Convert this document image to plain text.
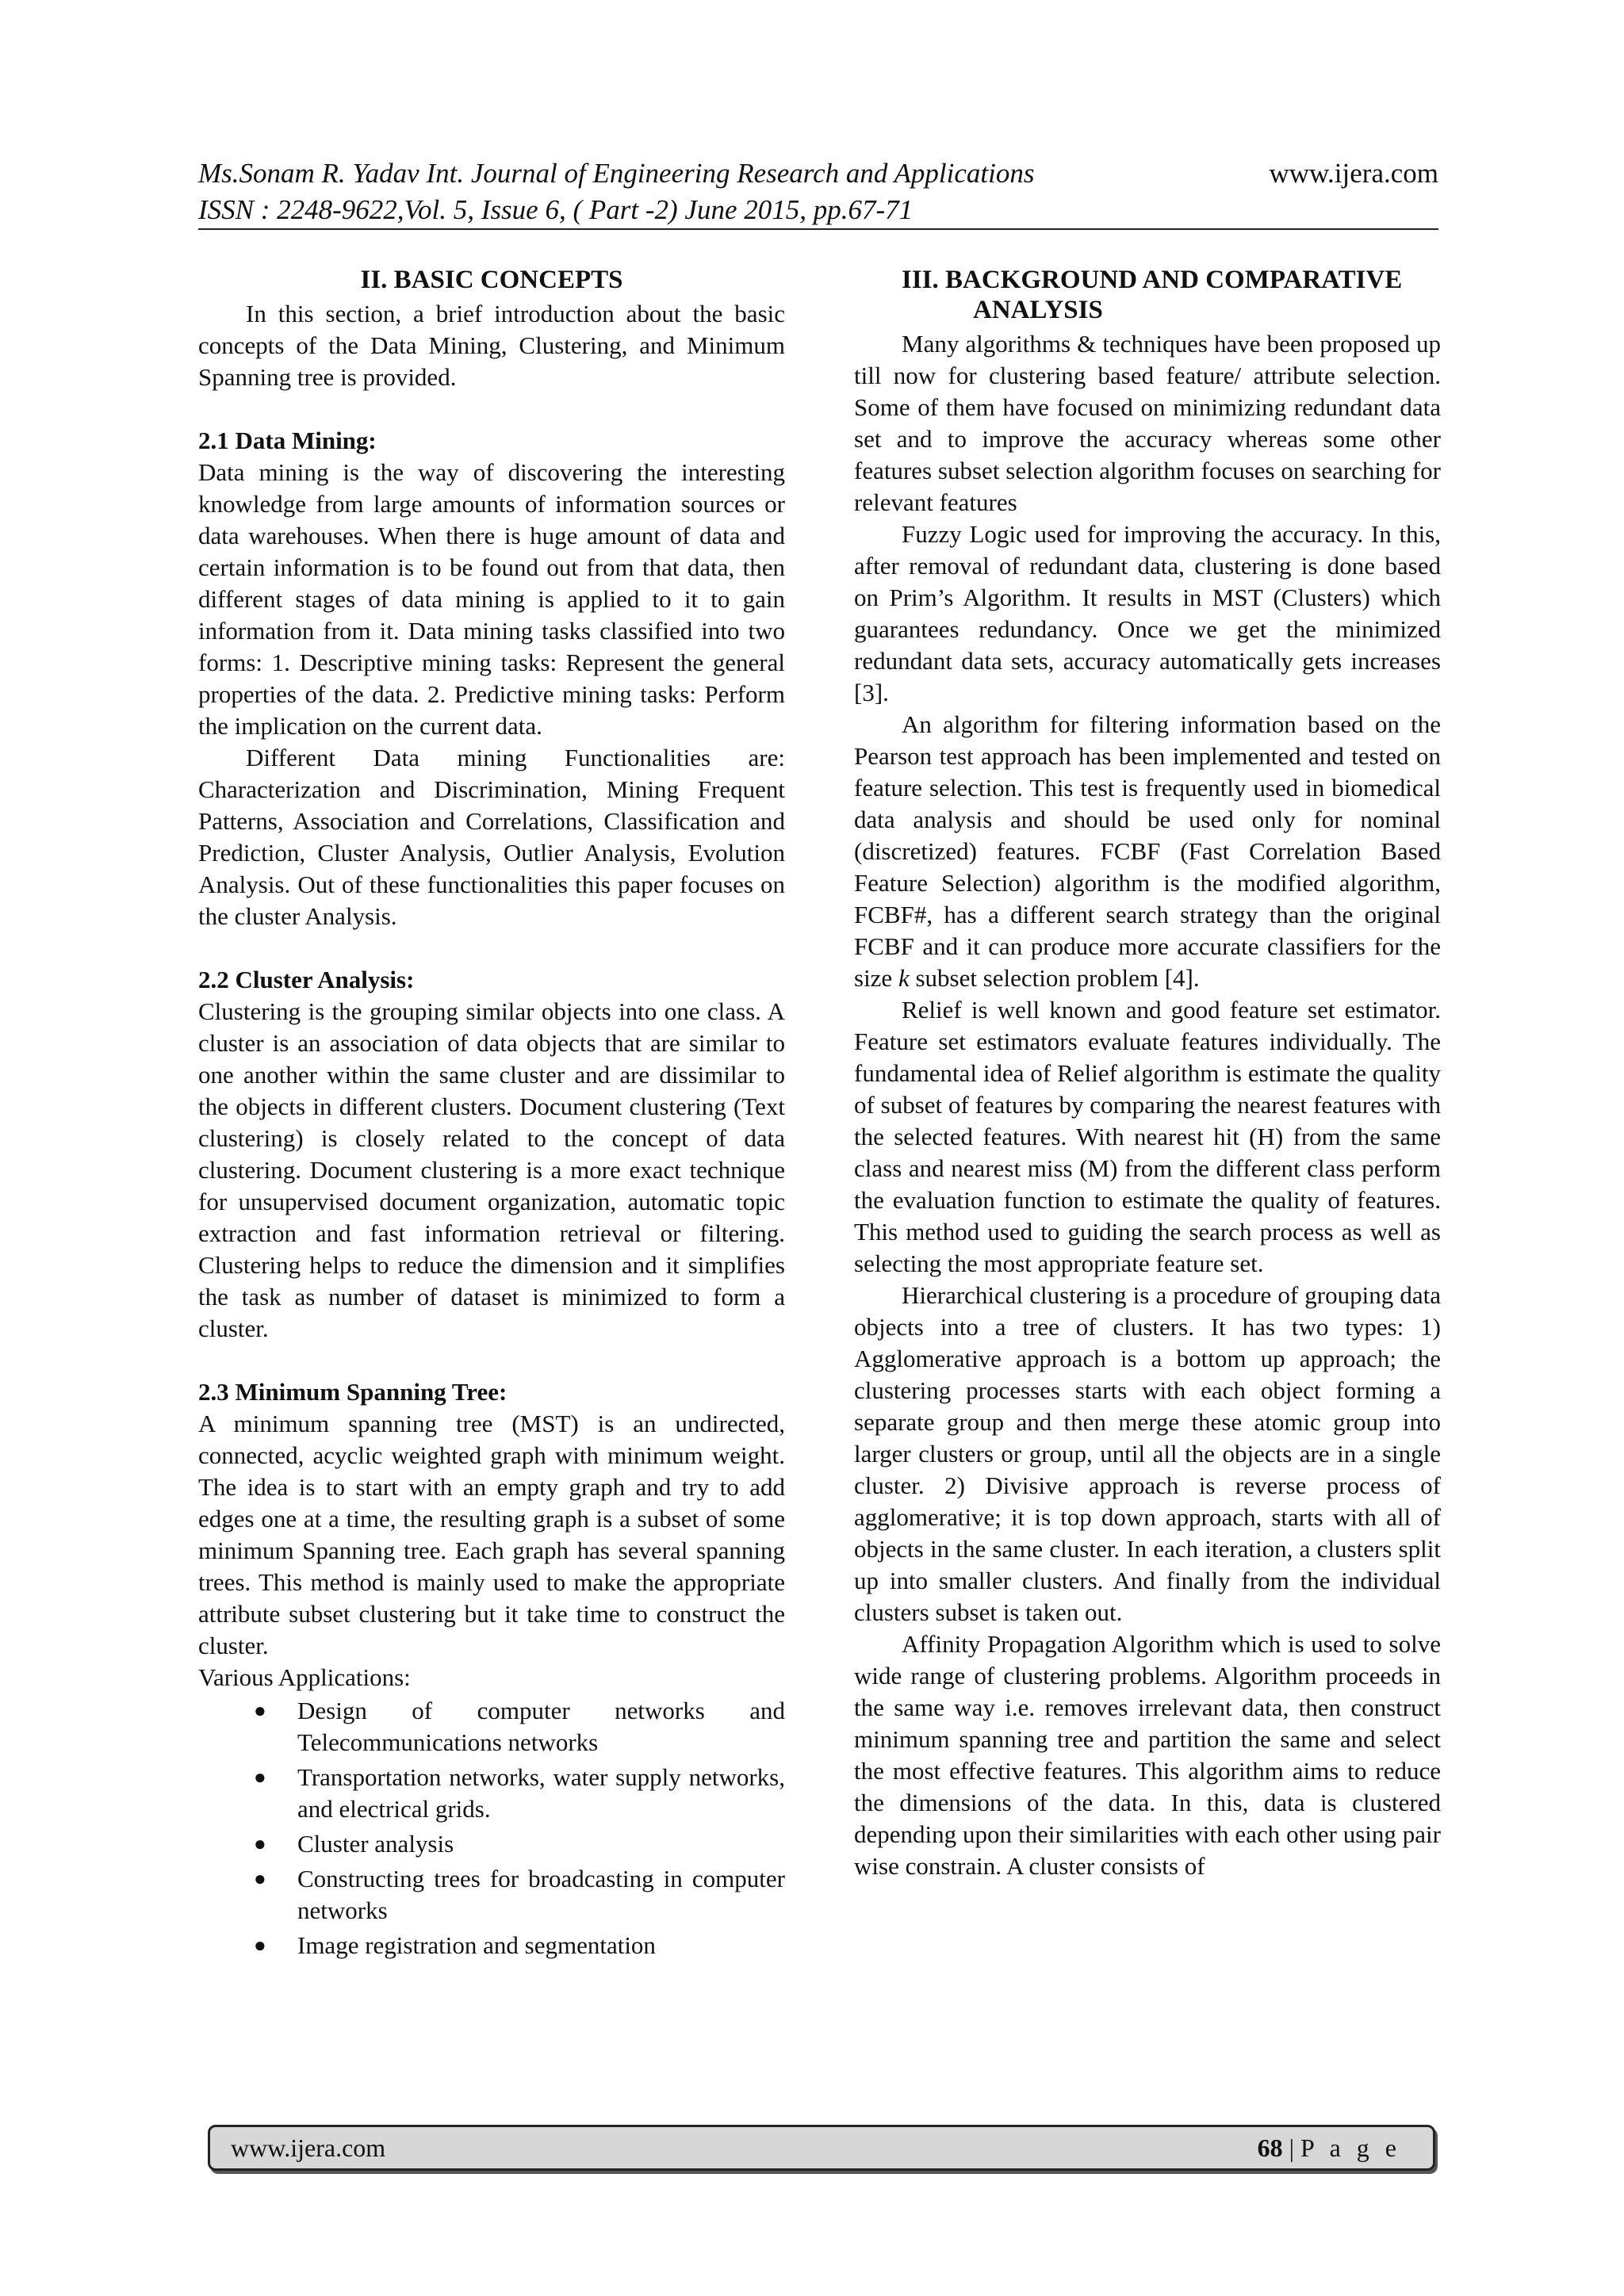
Ms.Sonam R. Yadav Int. Journal of Engineering Research and Applications	www.ijera.com
ISSN : 2248-9622,Vol. 5, Issue 6, ( Part -2) June 2015, pp.67-71
II. BASIC CONCEPTS

In this section, a brief introduction about the basic concepts of the Data Mining, Clustering, and Minimum Spanning tree is provided.

2.1 Data Mining:

Data mining is the way of discovering the interesting knowledge from large amounts of information sources or data warehouses. When there is huge amount of data and certain information is to be found out from that data, then different stages of data mining is applied to it to gain information from it. Data mining tasks classified into two forms: 1. Descriptive mining tasks: Represent the general properties of the data. 2. Predictive mining tasks: Perform the implication on the current data.

Different Data mining Functionalities are: Characterization and Discrimination, Mining Frequent Patterns, Association and Correlations, Classification and Prediction, Cluster Analysis, Outlier Analysis, Evolution Analysis. Out of these functionalities this paper focuses on the cluster Analysis.

2.2 Cluster Analysis:

Clustering is the grouping similar objects into one class. A cluster is an association of data objects that are similar to one another within the same cluster and are dissimilar to the objects in different clusters. Document clustering (Text clustering) is closely related to the concept of data clustering. Document clustering is a more exact technique for unsupervised document organization, automatic topic extraction and fast information retrieval or filtering. Clustering helps to reduce the dimension and it simplifies the task as number of dataset is minimized to form a cluster.

2.3 Minimum Spanning Tree:

A minimum spanning tree (MST) is an undirected, connected, acyclic weighted graph with minimum weight. The idea is to start with an empty graph and try to add edges one at a time, the resulting graph is a subset of some minimum Spanning tree. Each graph has several spanning trees. This method is mainly used to make the appropriate attribute subset clustering but it take time to construct the cluster.

Various Applications:

● Design of computer networks and Telecommunications networks
● Transportation networks, water supply networks, and electrical grids.
● Cluster analysis
● Constructing trees for broadcasting in computer networks
● Image registration and segmentation
III. BACKGROUND AND COMPARATIVE
ANALYSIS

Many algorithms & techniques have been proposed up till now for clustering based feature/ attribute selection. Some of them have focused on minimizing redundant data set and to improve the accuracy whereas some other features subset selection algorithm focuses on searching for relevant features

Fuzzy Logic used for improving the accuracy. In this, after removal of redundant data, clustering is done based on Prim’s Algorithm. It results in MST (Clusters) which guarantees redundancy. Once we get the minimized redundant data sets, accuracy automatically gets increases [3].

An algorithm for filtering information based on the Pearson test approach has been implemented and tested on feature selection. This test is frequently used in biomedical data analysis and should be used only for nominal (discretized) features. FCBF (Fast Correlation Based Feature Selection) algorithm is the modified algorithm, FCBF#, has a different search strategy than the original FCBF and it can produce more accurate classifiers for the size k subset selection problem [4].

Relief is well known and good feature set estimator. Feature set estimators evaluate features individually. The fundamental idea of Relief algorithm is estimate the quality of subset of features by comparing the nearest features with the selected features. With nearest hit (H) from the same class and nearest miss (M) from the different class perform the evaluation function to estimate the quality of features. This method used to guiding the search process as well as selecting the most appropriate feature set.

Hierarchical clustering is a procedure of grouping data objects into a tree of clusters. It has two types: 1) Agglomerative approach is a bottom up approach; the clustering processes starts with each object forming a separate group and then merge these atomic group into larger clusters or group, until all the objects are in a single cluster. 2) Divisive approach is reverse process of agglomerative; it is top down approach, starts with all of objects in the same cluster. In each iteration, a clusters split up into smaller clusters. And finally from the individual clusters subset is taken out.

Affinity Propagation Algorithm which is used to solve wide range of clustering problems. Algorithm proceeds in the same way i.e. removes irrelevant data, then construct minimum spanning tree and partition the same and select the most effective features. This algorithm aims to reduce the dimensions of the data. In this, data is clustered depending upon their similarities with each other using pair wise constrain. A cluster consists of

www.ijera.com	68 | P a g e
